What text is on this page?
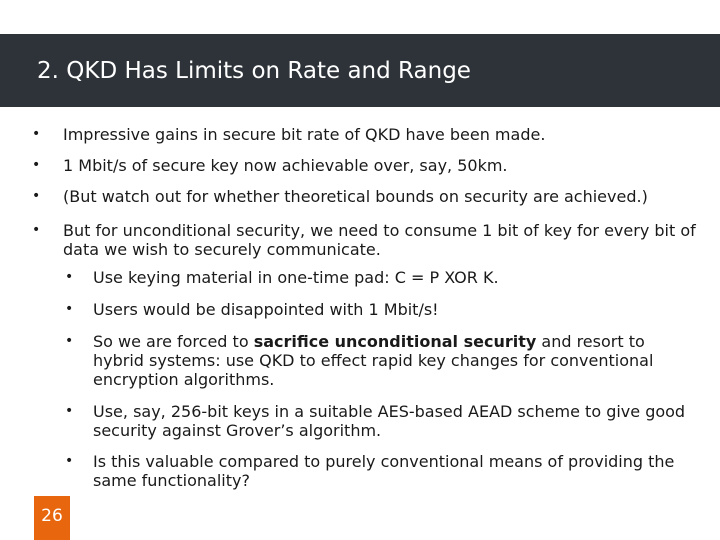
2. QKD Has Limits on Rate and Range
• Impressive gains in secure bit rate of QKD have been made.
• 1 Mbit/s of secure key now achievable over, say, 50km.
• (But watch out for whether theoretical bounds on security are achieved.)
• But for unconditional security, we need to consume 1 bit of key for every bit of data we wish to securely communicate.
• Use keying material in one-time pad: C = P XOR K.
• Users would be disappointed with 1 Mbit/s!
• So we are forced to sacrifice unconditional security and resort to hybrid systems: use QKD to effect rapid key changes for conventional encryption algorithms.
• Use, say, 256-bit keys in a suitable AES-based AEAD scheme to give good security against Grover’s algorithm.
• Is this valuable compared to purely conventional means of providing the same functionality?
26
